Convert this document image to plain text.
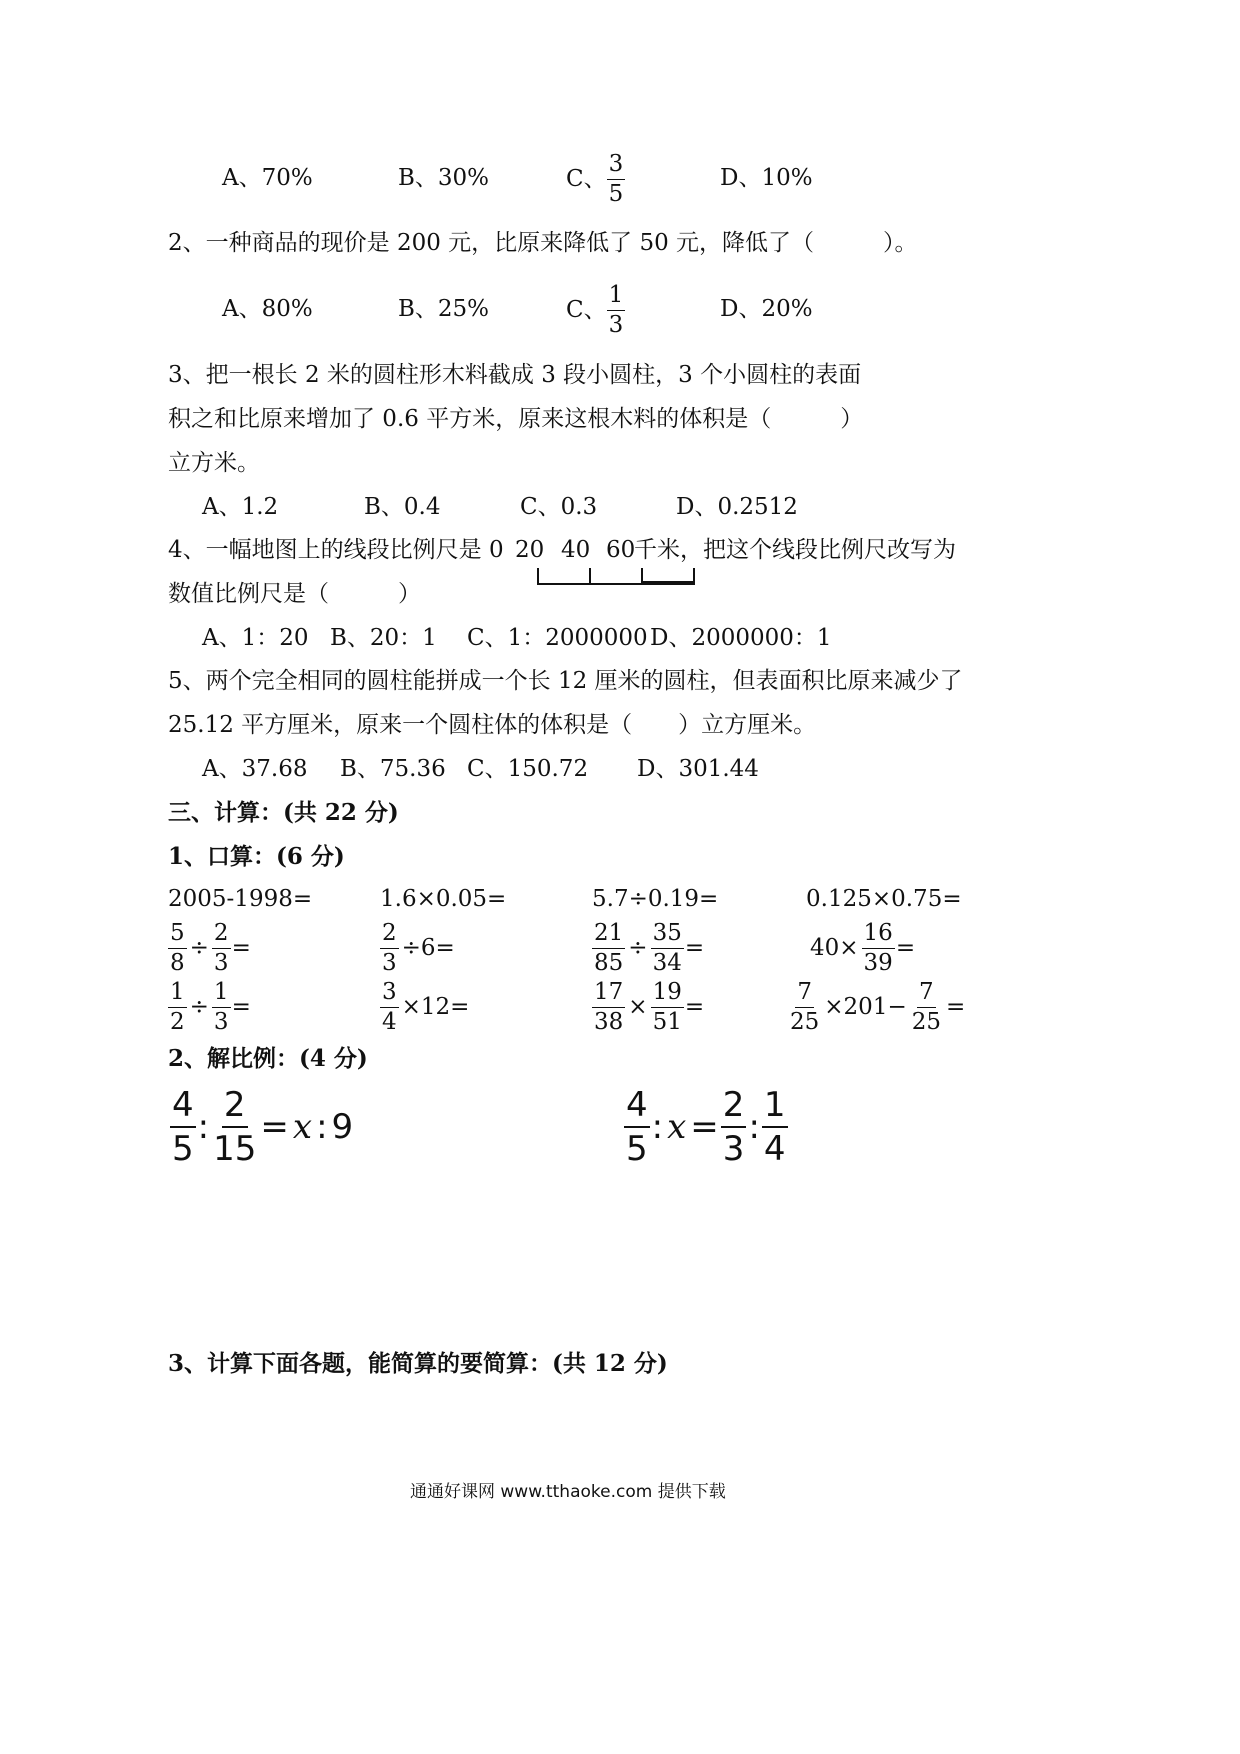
A、70%	B、30%	C、 $\frac{3}{5}$	D、10%
2、一种商品的现价是 200 元，比原来降低了 50 元，降低了（　　　）。
A、80%	B、25%	C、 $\frac{1}{3}$	D、20%
3、把一根长 2 米的圆柱形木料截成 3 段小圆柱，3 个小圆柱的表面
积之和比原来增加了 0.6 平方米，原来这根木料的体积是（　　　）
立方米。
A、1.2	B、0.4	C、0.3	D、0.2512
4、一幅地图上的线段比例尺是 0 20 40 60
千米，把这个线段比例尺改写为
数值比例尺是（　　　）
A、1：20 B、20：1 C、1：2000000 D、2000000：1
5、两个完全相同的圆柱能拼成一个长 12 厘米的圆柱，但表面积比原来减少了
25.12 平方厘米，原来一个圆柱体的体积是（　　）立方厘米。
A、37.68 B、75.36 C、150.72 D、301.44
三、计算：(共 22 分)
1、口算：(6 分)
2005-1998=	1.6×0.05=	5.7÷0.19=	0.125×0.75=
$\frac{5}{8} \div \frac{2}{3}$ =	$\frac{2}{3} \div 6=$	$\frac{21}{85} \div \frac{35}{34}$ =	$40\times \frac{16}{39}$ =
$\frac{1}{2} \div \frac{1}{3}$ =	$\frac{3}{4} \times 12=$	$\frac{17}{38} \times \frac{19}{51}$ =	$\frac{7}{25} \times 201- \frac{7}{25}$ =
2、解比例：(4 分)
$\frac{4}{5}$ : $\frac{2}{15} = x$ : 9	$\frac{4}{5}$ : $x = \frac{2}{3}$ : $\frac{1}{4}$
3、计算下面各题，能简算的要简算：(共 12 分)
通通好课网 www.tthaoke.com 提供下载
